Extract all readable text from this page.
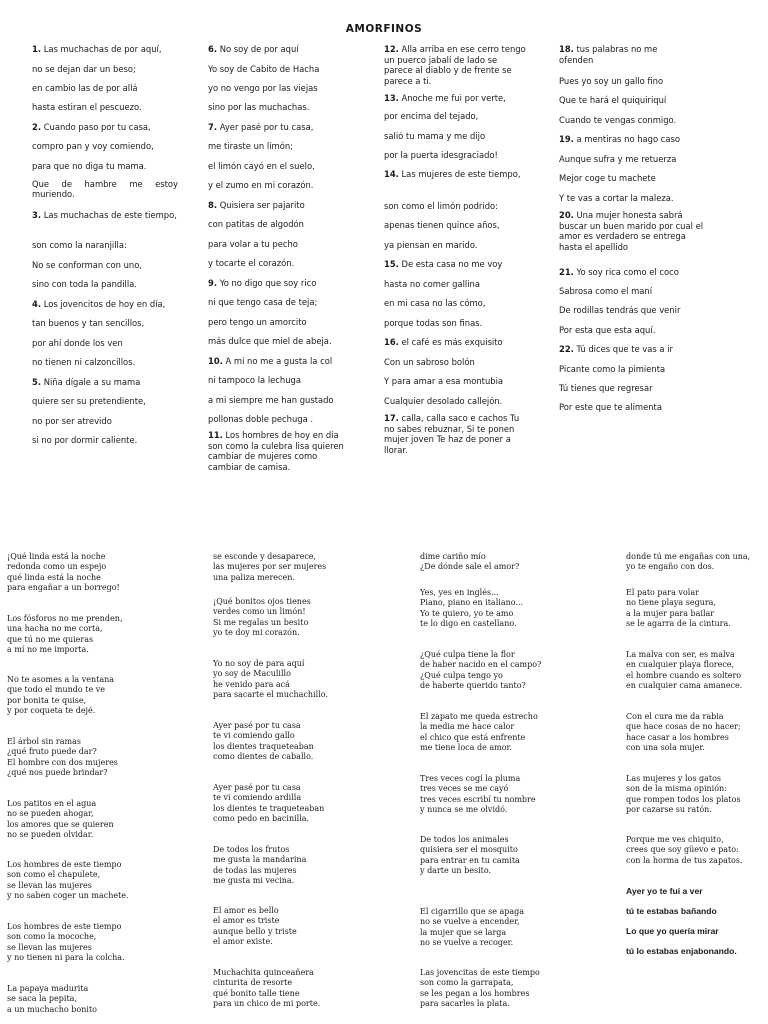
AMORFINOS

1. Las muchachas de por aquí,

no se dejan dar un beso;

en cambio las de por allá

hasta estiran el pescuezo.

2. Cuando paso por tu casa,

compro pan y voy comiendo,

para que no diga tu mama.

Que de hambre me estoy muriendo.

3. Las muchachas de este tiempo,

son como la naranjilla:

No se conforman con uno,

sino con toda la pandilla.

4. Los jovencitos de hoy en día,

tan buenos y tan sencillos,

por ahí donde los ven

no tienen ni calzoncillos.

5. Niña dígale a su mama

quiere ser su pretendiente,

no por ser atrevido

si no por dormir caliente.

6. No soy de por aquí

Yo soy de Cabito de Hacha

yo no vengo por las viejas

sino por las muchachas.

7. Ayer pasé por tu casa,

me tiraste un limón;

el limón cayó en el suelo,

y el zumo en mi corazón.

8. Quisiera ser pajarito

con patitas de algodón

para volar a tu pecho

y tocarte el corazón.

9. Yo no digo que soy rico

ni que tengo casa de teja;

pero tengo un amorcito

más dulce que miel de abeja.

10. A mi no me a gusta la col

ni tampoco la lechuga

a mi siempre me han gustado

pollonas doble pechuga .

11. Los hombres de hoy en día son como la culebra lisa quieren cambiar de mujeres como cambiar de camisa.

12. Alla arriba en ese cerro tengo un puerco jabalí de lado se parece al diablo y de frente se parece a ti.

13. Anoche me fui por verte,

por encima del tejado,

salió tu mama y me dijo

por la puerta idesgraciado!

14. Las mujeres de este tiempo,

son como el limón podrido:

apenas tienen quince años,

ya piensan en marido.

15. De esta casa no me voy

hasta no comer gallina

en mi casa no las cómo,

porque todas son finas.

16. el café es más exquisito

Con un sabroso bolón

Y para amar a esa montubia

Cualquier desolado callejón.

17. calla, calla saco e cachos Tu no sabes rebuznar, Si te ponen mujer joven Te haz de poner a llorar.

18. tus palabras no me ofenden

Pues yo soy un gallo fino

Que te hará el quiquiriquí

Cuando te vengas conmigo.

19. a mentiras no hago caso

Aunque sufra y me retuerza

Mejor coge tu machete

Y te vas a cortar la maleza.

20. Una mujer honesta sabrá buscar un buen marido por cual el amor es verdadero se entrega hasta el apellido

21. Yo soy rica como el coco

Sabrosa como el maní

De rodillas tendrás que venir

Por esta que esta aquí.

22. Tú dices que te vas a ir

Picante como la pimienta

Tú tienes que regresar

Por este que te alimenta

¡Qué linda está la noche
redonda como un espejo
qué linda está la noche
para engañar a un borrego!

Los fósforos no me prenden,
una hacha no me corta,
que tú no me quieras
a mí no me importa.

No te asomes a la ventana
que todo el mundo te ve
por bonita te quise,
y por coqueta te dejé.

El árbol sin ramas
¿qué fruto puede dar?
El hombre con dos mujeres
¿qué nos puede brindar?

Los patitos en el agua
no se pueden ahogar,
los amores que se quieren
no se pueden olvidar.

Los hombres de este tiempo
son como el chapulete,
se llevan las mujeres
y no saben coger un machete.

Los hombres de este tiempo
son como la mocoche,
se llevan las mujeres
y no tienen ni para la colcha.

La papaya madurita
se saca la pepita,
a un muchacho bonito

se esconde y desaparece,
las mujeres por ser mujeres
una paliza merecen.

¡Qué bonitos ojos tienes
verdes como un limón!
Si me regalas un besito
yo te doy mi corazón.

Yo no soy de para aquí
yo soy de Maculillo
he venido para acá
para sacarte el muchachillo.

Ayer pasé por tu casa
te vi comiendo gallo
los dientes traqueteaban
como dientes de caballo.

Ayer pasé por tu casa
te vi comiendo ardilla
los dientes te traqueteaban
como pedo en bacinilla.

De todos los frutos
me gusta la mandarina
de todas las mujeres
me gusta mi vecina.

El amor es bello
el amor es triste
aunque bello y triste
el amor existe.

Muchachita quinceañera
cinturita de resorte
qué bonito talle tiene
para un chico de mi porte.

dime cariño mío
¿De dónde sale el amor?

Yes, yes en inglés...
Piano, piano en italiano...
Yo te quiero, yo te amo
te lo digo en castellano.

¿Qué culpa tiene la flor
de haber nacido en el campo?
¿Qué culpa tengo yo
de haberte querido tanto?

El zapato me queda estrecho
la media me hace calor
el chico que está enfrente
me tiene loca de amor.

Tres veces cogí la pluma
tres veces se me cayó
tres veces escribí tu nombre
y nunca se me olvidó.

De todos los animales
quisiera ser el mosquito
para entrar en tu camita
y darte un besito.

El cigarrillo que se apaga
no se vuelve a encender,
la mujer que se larga
no se vuelve a recoger.

Las jovencitas de este tiempo
son como la garrapata,
se les pegan a los hombres
para sacarles la plata.

donde tú me engañas con una,
yo te engaño con dos.

El pato para volar
no tiene playa segura,
a la mujer para bailar
se le agarra de la cintura.

La malva con ser, es malva
en cualquier playa florece,
el hombre cuando es soltero
en cualquier cama amanece.

Con el cura me da rabia
que hace cosas de no hacer;
hace casar a los hombres
con una sola mujer.

Las mujeres y los gatos
son de la misma opinión:
que rompen todos los platos
por cazarse su ratón.

Porque me ves chiquito,
crees que soy güevo e pato:
con la horma de tus zapatos.

Ayer yo te fui a ver

tú te estabas bañando

Lo que yo quería mirar

tú lo estabas enjabonando.
